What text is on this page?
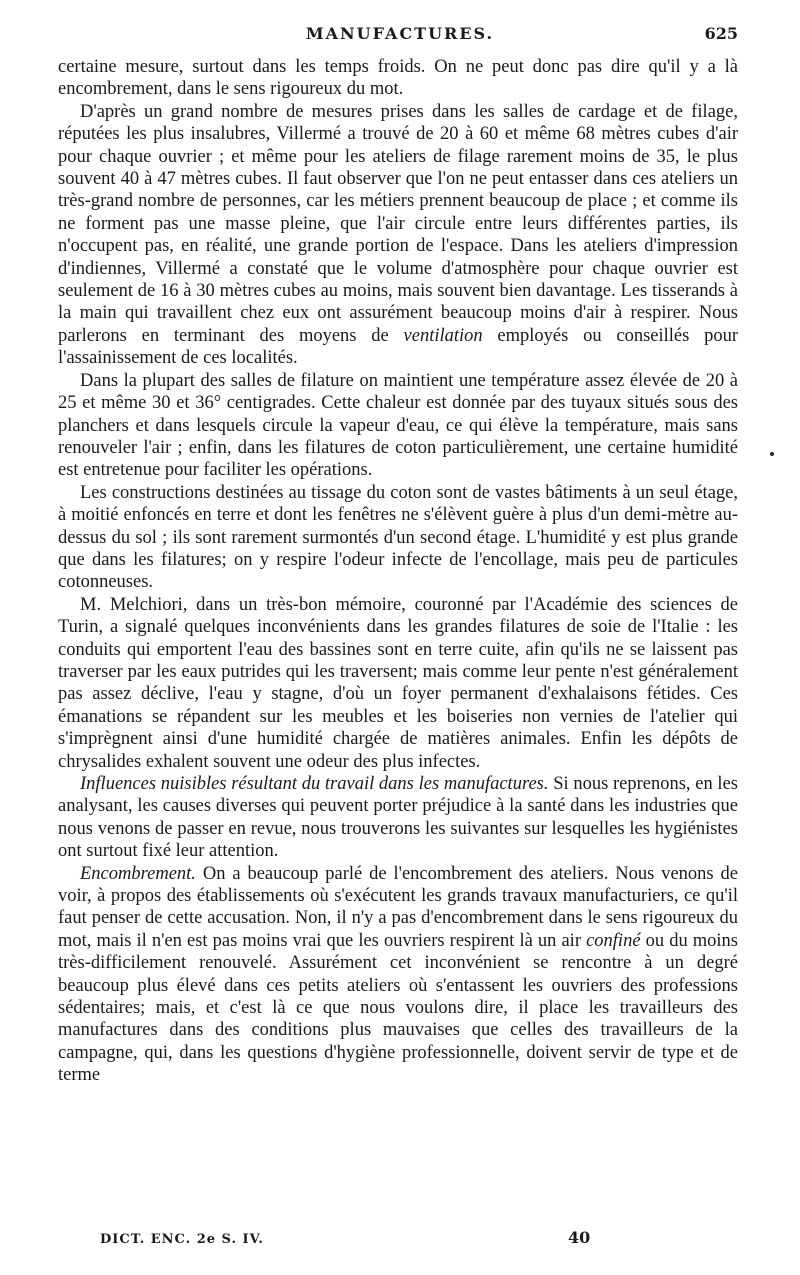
MANUFACTURES.	625

certaine mesure, surtout dans les temps froids. On ne peut donc pas dire qu'il y a là encombrement, dans le sens rigoureux du mot.

D'après un grand nombre de mesures prises dans les salles de cardage et de filage, réputées les plus insalubres, Villermé a trouvé de 20 à 60 et même 68 mètres cubes d'air pour chaque ouvrier ; et même pour les ateliers de filage rarement moins de 35, le plus souvent 40 à 47 mètres cubes. Il faut observer que l'on ne peut entasser dans ces ateliers un très-grand nombre de personnes, car les métiers prennent beaucoup de place ; et comme ils ne forment pas une masse pleine, que l'air circule entre leurs différentes parties, ils n'occupent pas, en réalité, une grande portion de l'espace. Dans les ateliers d'impression d'indiennes, Villermé a constaté que le volume d'atmosphère pour chaque ouvrier est seulement de 16 à 30 mètres cubes au moins, mais souvent bien davantage. Les tisserands à la main qui travaillent chez eux ont assurément beaucoup moins d'air à respirer. Nous parlerons en terminant des moyens de ventilation employés ou conseillés pour l'assainissement de ces localités.

Dans la plupart des salles de filature on maintient une température assez élevée de 20 à 25 et même 30 et 36° centigrades. Cette chaleur est donnée par des tuyaux situés sous des planchers et dans lesquels circule la vapeur d'eau, ce qui élève la température, mais sans renouveler l'air ; enfin, dans les filatures de coton particulièrement, une certaine humidité est entretenue pour faciliter les opérations.

Les constructions destinées au tissage du coton sont de vastes bâtiments à un seul étage, à moitié enfoncés en terre et dont les fenêtres ne s'élèvent guère à plus d'un demi-mètre au-dessus du sol ; ils sont rarement surmontés d'un second étage. L'humidité y est plus grande que dans les filatures; on y respire l'odeur infecte de l'encollage, mais peu de particules cotonneuses.

M. Melchiori, dans un très-bon mémoire, couronné par l'Académie des sciences de Turin, a signalé quelques inconvénients dans les grandes filatures de soie de l'Italie : les conduits qui emportent l'eau des bassines sont en terre cuite, afin qu'ils ne se laissent pas traverser par les eaux putrides qui les traversent; mais comme leur pente n'est généralement pas assez déclive, l'eau y stagne, d'où un foyer permanent d'exhalaisons fétides. Ces émanations se répandent sur les meubles et les boiseries non vernies de l'atelier qui s'imprègnent ainsi d'une humidité chargée de matières animales. Enfin les dépôts de chrysalides exhalent souvent une odeur des plus infectes.

Influences nuisibles résultant du travail dans les manufactures. Si nous reprenons, en les analysant, les causes diverses qui peuvent porter préjudice à la santé dans les industries que nous venons de passer en revue, nous trouverons les suivantes sur lesquelles les hygiénistes ont surtout fixé leur attention.

Encombrement. On a beaucoup parlé de l'encombrement des ateliers. Nous venons de voir, à propos des établissements où s'exécutent les grands travaux manufacturiers, ce qu'il faut penser de cette accusation. Non, il n'y a pas d'encombrement dans le sens rigoureux du mot, mais il n'en est pas moins vrai que les ouvriers respirent là un air confiné ou du moins très-difficilement renouvelé. Assurément cet inconvénient se rencontre à un degré beaucoup plus élevé dans ces petits ateliers où s'entassent les ouvriers des professions sédentaires; mais, et c'est là ce que nous voulons dire, il place les travailleurs des manufactures dans des conditions plus mauvaises que celles des travailleurs de la campagne, qui, dans les questions d'hygiène professionnelle, doivent servir de type et de terme

DICT. ENC. 2e S. IV.	40
